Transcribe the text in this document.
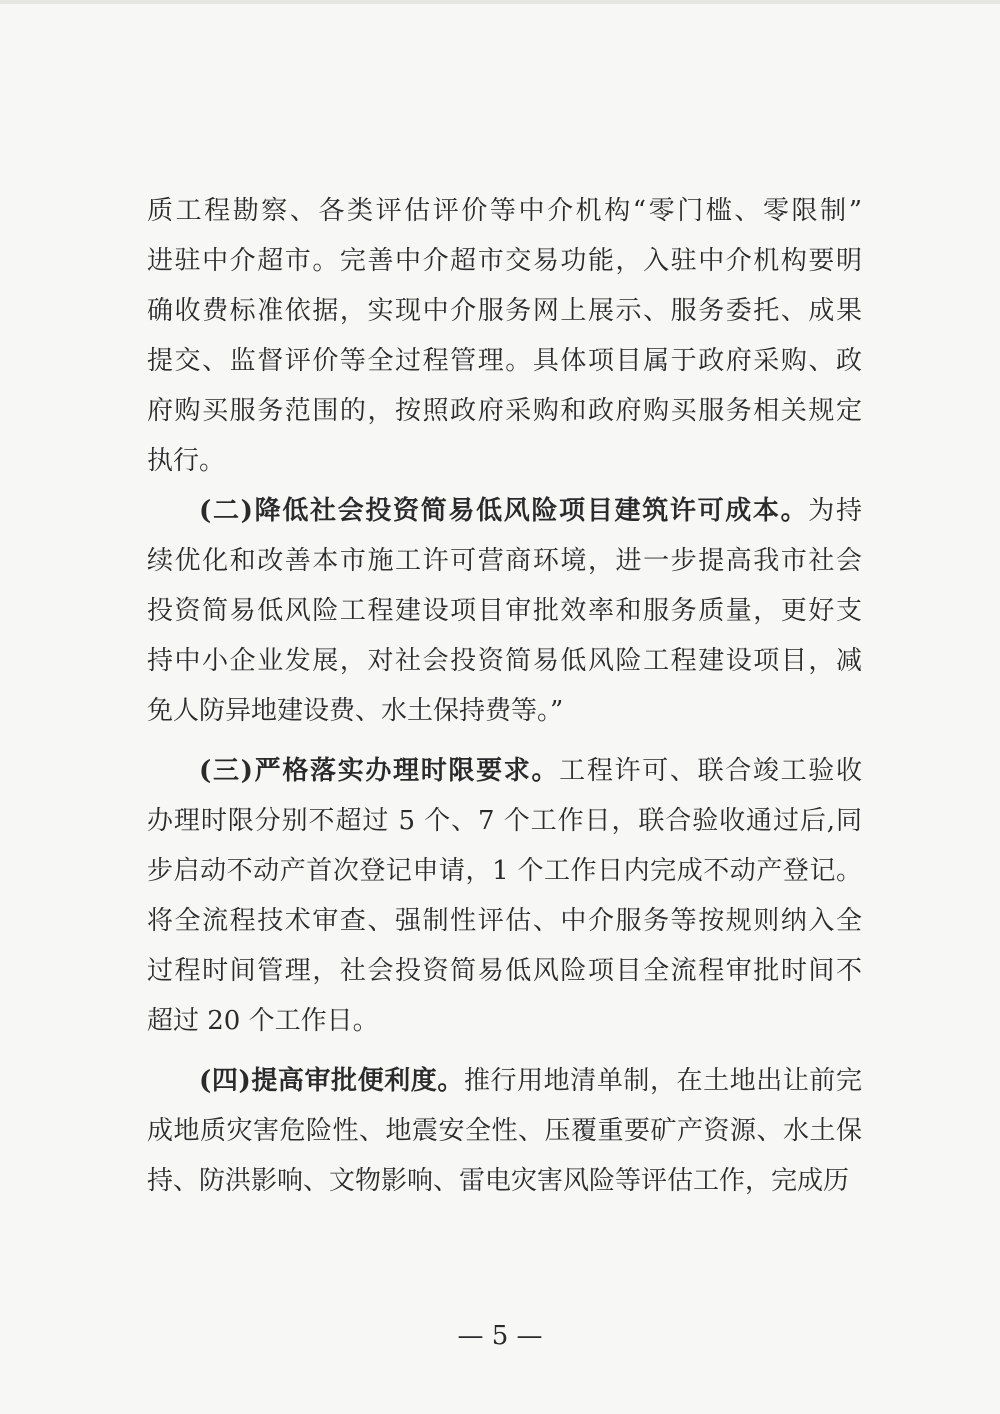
质工程勘察、各类评估评价等中介机构“零门槛、零限制”
进驻中介超市。完善中介超市交易功能，入驻中介机构要明
确收费标准依据，实现中介服务网上展示、服务委托、成果
提交、监督评价等全过程管理。具体项目属于政府采购、政
府购买服务范围的，按照政府采购和政府购买服务相关规定
执行。
(二)降低社会投资简易低风险项目建筑许可成本。为持
续优化和改善本市施工许可营商环境，进一步提高我市社会
投资简易低风险工程建设项目审批效率和服务质量，更好支
持中小企业发展，对社会投资简易低风险工程建设项目，减
免人防异地建设费、水土保持费等。”
(三)严格落实办理时限要求。工程许可、联合竣工验收
办理时限分别不超过 5 个、7 个工作日，联合验收通过后,同
步启动不动产首次登记申请，1 个工作日内完成不动产登记。
将全流程技术审查、强制性评估、中介服务等按规则纳入全
过程时间管理，社会投资简易低风险项目全流程审批时间不
超过 20 个工作日。
(四)提高审批便利度。推行用地清单制，在土地出让前完
成地质灾害危险性、地震安全性、压覆重要矿产资源、水土保
持、防洪影响、文物影响、雷电灾害风险等评估工作，完成历
— 5 —
